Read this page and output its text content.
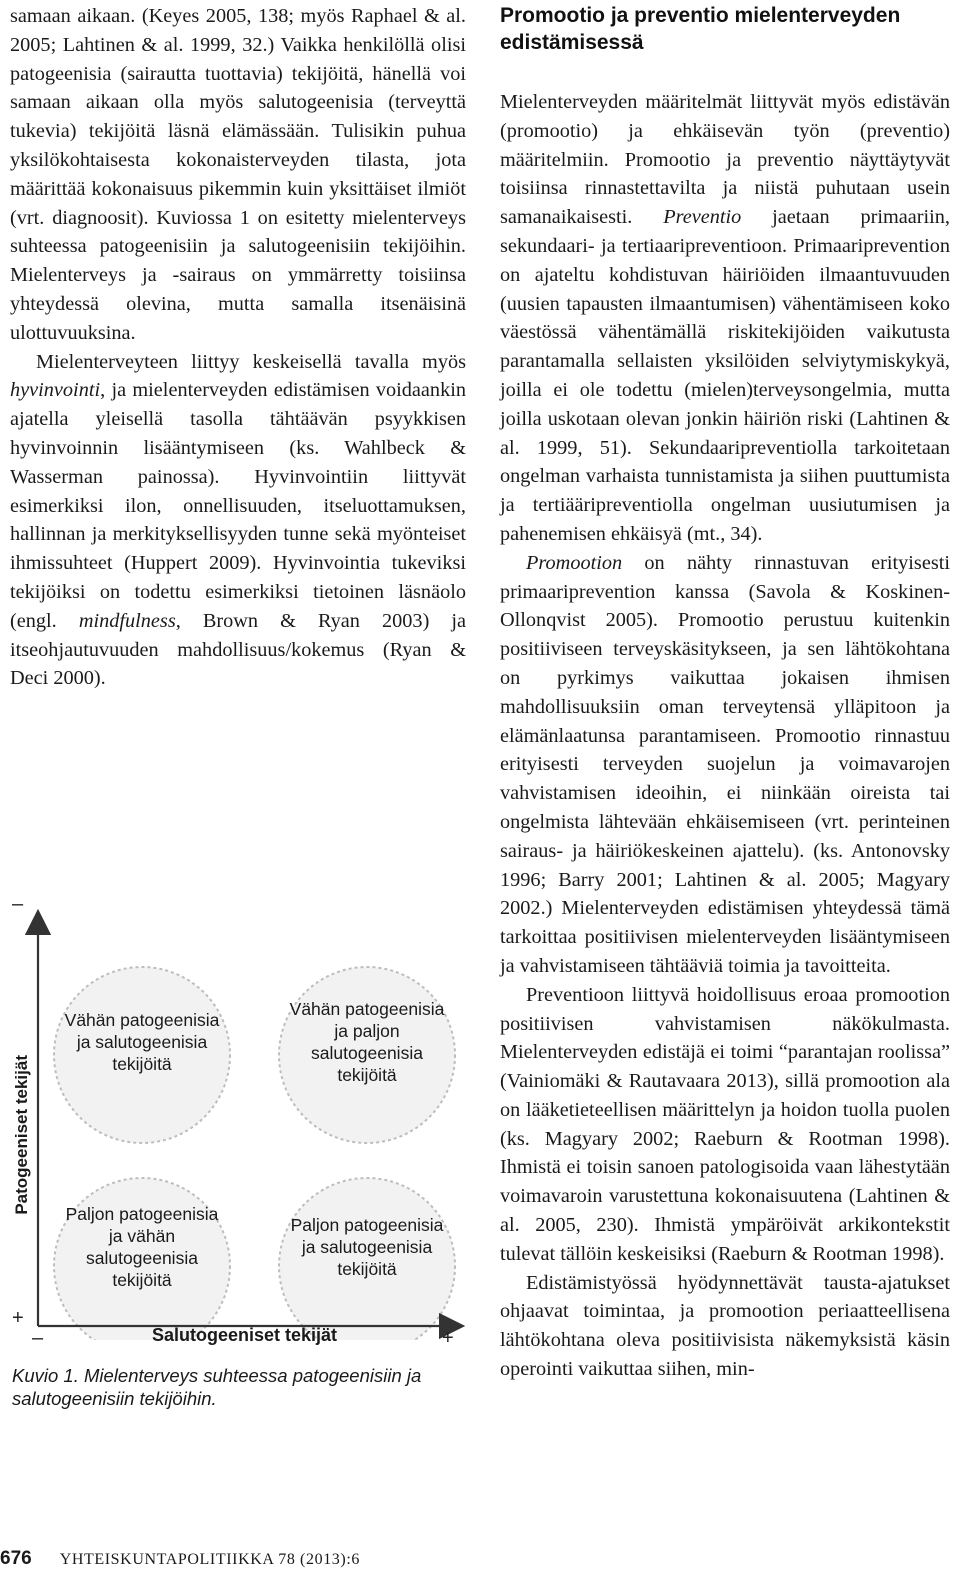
samaan aikaan. (Keyes 2005, 138; myös Raphael & al. 2005; Lahtinen & al. 1999, 32.) Vaikka henkilöllä olisi patogeenisia (sairautta tuottavia) tekijöitä, hänellä voi samaan aikaan olla myös salutogeenisia (terveyttä tukevia) tekijöitä läsnä elämässään. Tulisikin puhua yksilökohtaisesta kokonaisterveyden tilasta, jota määrittää kokonaisuus pikemmin kuin yksittäiset ilmiöt (vrt. diagnoosit). Kuviossa 1 on esitetty mielenterveys suhteessa patogeenisiin ja salutogeenisiin tekijöihin. Mielenterveys ja -sairaus on ymmärretty toisiinsa yhteydessä olevina, mutta samalla itsenäisinä ulottuvuuksina.

Mielenterveyteen liittyy keskeisellä tavalla myös hyvinvointi, ja mielenterveyden edistämisen voidaankin ajatella yleisellä tasolla tähtäävän psyykkisen hyvinvoinnin lisääntymiseen (ks. Wahlbeck & Wasserman painossa). Hyvinvointiin liittyvät esimerkiksi ilon, onnellisuuden, itseluottamuksen, hallinnan ja merkityksellisyyden tunne sekä myönteiset ihmissuhteet (Huppert 2009). Hyvinvointia tukeviksi tekijöiksi on todettu esimerkiksi tietoinen läsnäolo (engl. mindfulness, Brown & Ryan 2003) ja itseohjautuvuuden mahdollisuus/kokemus (Ryan & Deci 2000).

Patogeeniset tekijät
–
+
–	+
Salutogeeniset tekijät
Vähän patogeenisia ja salutogeenisia tekijöitä
Vähän patogeenisia ja paljon salutogeenisia tekijöitä
Paljon patogeenisia ja vähän salutogeenisia tekijöitä
Paljon patogeenisia ja salutogeenisia tekijöitä
Kuvio 1. Mielenterveys suhteessa patogeenisiin ja salutogeenisiin tekijöihin.
Promootio ja preventio mielenterveyden edistämisessä

Mielenterveyden määritelmät liittyvät myös edistävän (promootio) ja ehkäisevän työn (preventio) määritelmiin. Promootio ja preventio näyttäytyvät toisiinsa rinnastettavilta ja niistä puhutaan usein samanaikaisesti. Preventio jaetaan primaariin, sekundaari- ja tertiaaripreventioon. Primaariprevention on ajateltu kohdistuvan häiriöiden ilmaantuvuuden (uusien tapausten ilmaantumisen) vähentämiseen koko väestössä vähentämällä riskitekijöiden vaikutusta parantamalla sellaisten yksilöiden selviytymiskykyä, joilla ei ole todettu (mielen)terveysongelmia, mutta joilla uskotaan olevan jonkin häiriön riski (Lahtinen & al. 1999, 51). Sekundaaripreventiolla tarkoitetaan ongelman varhaista tunnistamista ja siihen puuttumista ja tertiääripreventiolla ongelman uusiutumisen ja pahenemisen ehkäisyä (mt., 34).

Promootion on nähty rinnastuvan erityisesti primaariprevention kanssa (Savola & Koskinen-Ollonqvist 2005). Promootio perustuu kuitenkin positiiviseen terveyskäsitykseen, ja sen lähtökohtana on pyrkimys vaikuttaa jokaisen ihmisen mahdollisuuksiin oman terveytensä ylläpitoon ja elämänlaatunsa parantamiseen. Promootio rinnastuu erityisesti terveyden suojelun ja voimavarojen vahvistamisen ideoihin, ei niinkään oireista tai ongelmista lähtevään ehkäisemiseen (vrt. perinteinen sairaus- ja häiriökeskeinen ajattelu). (ks. Antonovsky 1996; Barry 2001; Lahtinen & al. 2005; Magyary 2002.) Mielenterveyden edistämisen yhteydessä tämä tarkoittaa positiivisen mielenterveyden lisääntymiseen ja vahvistamiseen tähtääviä toimia ja tavoitteita.

Preventioon liittyvä hoidollisuus eroaa promootion positiivisen vahvistamisen näkökulmasta. Mielenterveyden edistäjä ei toimi “parantajan roolissa” (Vainiomäki & Rautavaara 2013), sillä promootion ala on lääketieteellisen määrittelyn ja hoidon tuolla puolen (ks. Magyary 2002; Raeburn & Rootman 1998). Ihmistä ei toisin sanoen patologisoida vaan lähestytään voimavaroin varustettuna kokonaisuutena (Lahtinen & al. 2005, 230). Ihmistä ympäröivät arkikontekstit tulevat tällöin keskeisiksi (Raeburn & Rootman 1998).

Edistämistyössä hyödynnettävät tausta-ajatukset ohjaavat toimintaa, ja promootion periaatteellisena lähtökohtana oleva positiivisista näkemyksistä käsin operointi vaikuttaa siihen, min-

676 YHTEISKUNTAPOLITIIKKA 78 (2013):6
